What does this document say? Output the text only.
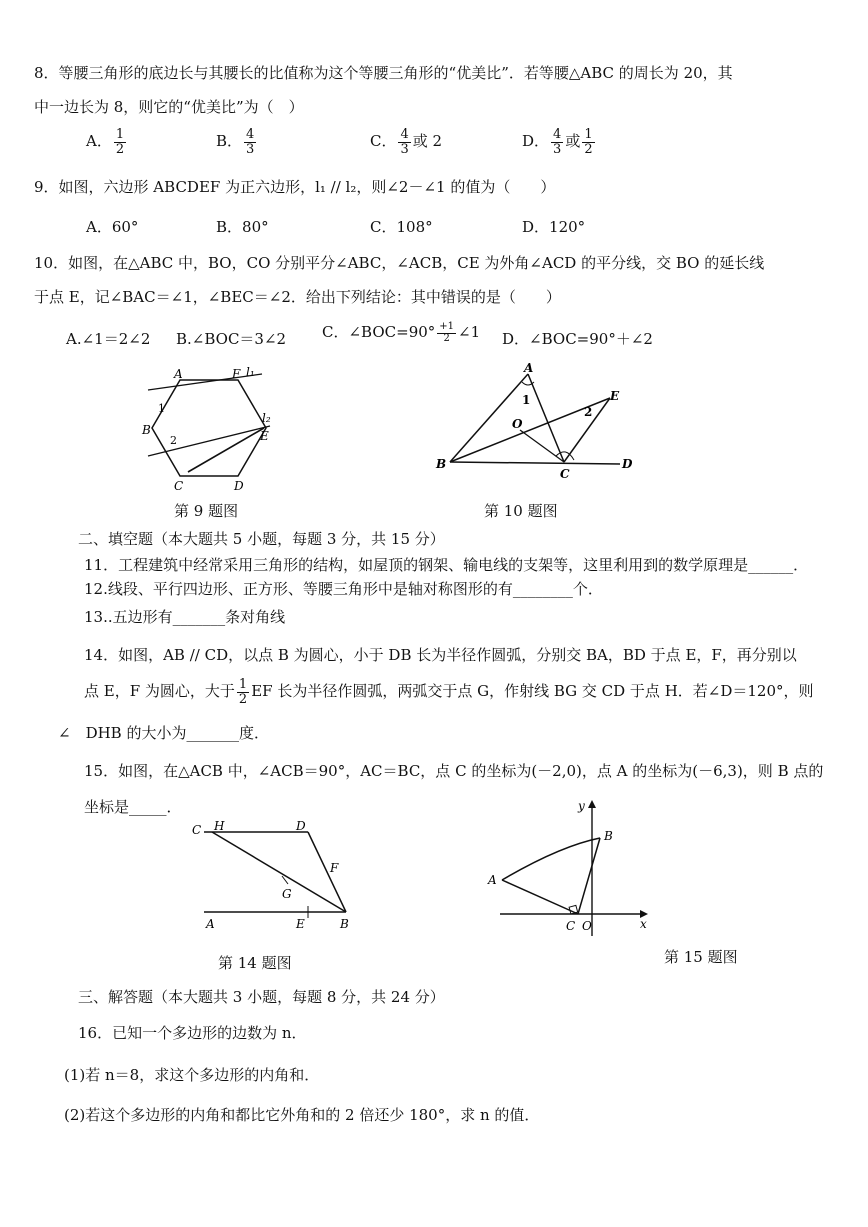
8．等腰三角形的底边长与其腰长的比值称为这个等腰三角形的“优美比”．若等腰△ABC 的周长为 20，其
中一边长为 8，则它的“优美比”为（　）
A． $\frac{1}{2}$	B． $\frac{4}{3}$	C． $\frac{4}{3}$ 或 2	D． $\frac{4}{3}$ 或 $\frac{1}{2}$
9．如图，六边形 ABCDEF 为正六边形，l₁ // l₂，则∠2－∠1 的值为（　　）
A．60°	B．80°	C．108°	D．120°
10．如图，在△ABC 中，BO，CO 分别平分∠ABC，∠ACB，CE 为外角∠ACD 的平分线，交 BO 的延长线
于点 E，记∠BAC＝∠1，∠BEC＝∠2．给出下列结论：其中错误的是（　　）
A.∠1＝2∠2 B.∠BOC＝3∠2 C．∠BOC=90° $\frac{+1}{2}$ ∠1 D．∠BOC=90°＋∠2
A	F l₁
l₂
B	E
C	D
1
2
第 9 题图
A
E
O
B
C
D
1
2
第 10 题图
二、填空题（本大题共 5 小题，每题 3 分，共 15 分）
11．工程建筑中经常采用三角形的结构，如屋顶的钢架、输电线的支架等，这里利用到的数学原理是______．
12.线段、平行四边形、正方形、等腰三角形中是轴对称图形的有________个．
13..五边形有_______条对角线
14．如图，AB // CD，以点 B 为圆心，小于 DB 长为半径作圆弧，分别交 BA，BD 于点 E，F，再分别以
点 E，F 为圆心，大于 $\frac{1}{2}$ EF 长为半径作圆弧，两弧交于点 G，作射线 BG 交 CD 于点 H．若∠D＝120°，则
∠　DHB 的大小为_______度．
15．如图，在△ACB 中，∠ACB＝90°，AC＝BC，点 C 的坐标为(－2,0)，点 A 的坐标为(－6,3)，则 B 点的
坐标是_____．
C H	D
F
G
A	E	B
第 14 题图
y
B
A
C O	x
第 15 题图
三、解答题（本大题共 3 小题，每题 8 分，共 24 分）
16．已知一个多边形的边数为 n．
(1)若 n＝8，求这个多边形的内角和．
(2)若这个多边形的内角和都比它外角和的 2 倍还少 180°，求 n 的值．
